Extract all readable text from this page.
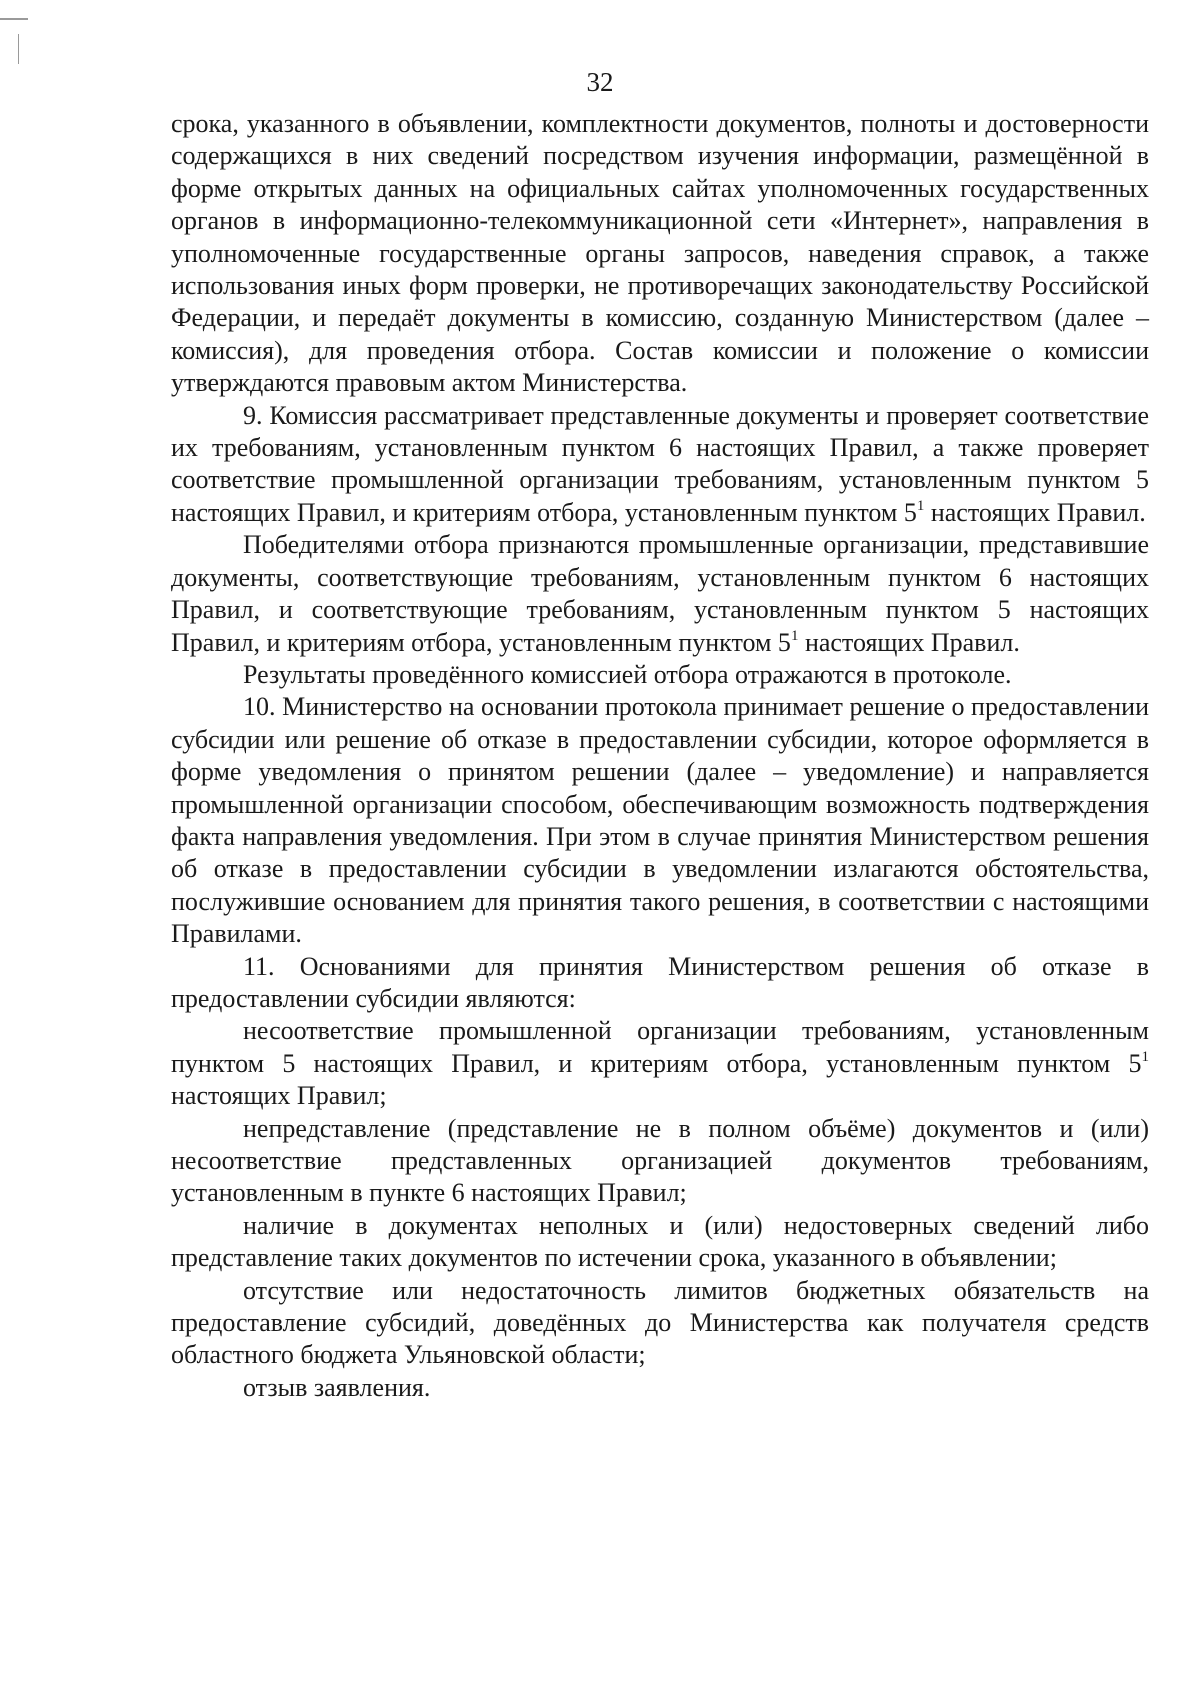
32

срока, указанного в объявлении, комплектности документов, полноты и достоверности содержащихся в них сведений посредством изучения информации, размещённой в форме открытых данных на официальных сайтах уполномоченных государственных органов в информационно-телекоммуникационной сети «Интернет», направления в уполномоченные государственные органы запросов, наведения справок, а также использования иных форм проверки, не противоречащих законодательству Российской Федерации, и передаёт документы в комиссию, созданную Министерством (далее – комиссия), для проведения отбора. Состав комиссии и положение о комиссии утверждаются правовым актом Министерства.

9. Комиссия рассматривает представленные документы и проверяет соответствие их требованиям, установленным пунктом 6 настоящих Правил, а также проверяет соответствие промышленной организации требованиям, установленным пунктом 5 настоящих Правил, и критериям отбора, установленным пунктом $5^1$ настоящих Правил.

Победителями отбора признаются промышленные организации, представившие документы, соответствующие требованиям, установленным пунктом 6 настоящих Правил, и соответствующие требованиям, установленным пунктом 5 настоящих Правил, и критериям отбора, установленным пунктом $5^1$ настоящих Правил.

Результаты проведённого комиссией отбора отражаются в протоколе.

10. Министерство на основании протокола принимает решение о предоставлении субсидии или решение об отказе в предоставлении субсидии, которое оформляется в форме уведомления о принятом решении (далее – уведомление) и направляется промышленной организации способом, обеспечивающим возможность подтверждения факта направления уведомления. При этом в случае принятия Министерством решения об отказе в предоставлении субсидии в уведомлении излагаются обстоятельства, послужившие основанием для принятия такого решения, в соответствии с настоящими Правилами.

11. Основаниями для принятия Министерством решения об отказе в предоставлении субсидии являются:

несоответствие промышленной организации требованиям, установленным пунктом 5 настоящих Правил, и критериям отбора, установленным пунктом $5^1$ настоящих Правил;

непредставление (представление не в полном объёме) документов и (или) несоответствие представленных организацией документов требованиям, установленным в пункте 6 настоящих Правил;

наличие в документах неполных и (или) недостоверных сведений либо представление таких документов по истечении срока, указанного в объявлении;

отсутствие или недостаточность лимитов бюджетных обязательств на предоставление субсидий, доведённых до Министерства как получателя средств областного бюджета Ульяновской области;

отзыв заявления.
